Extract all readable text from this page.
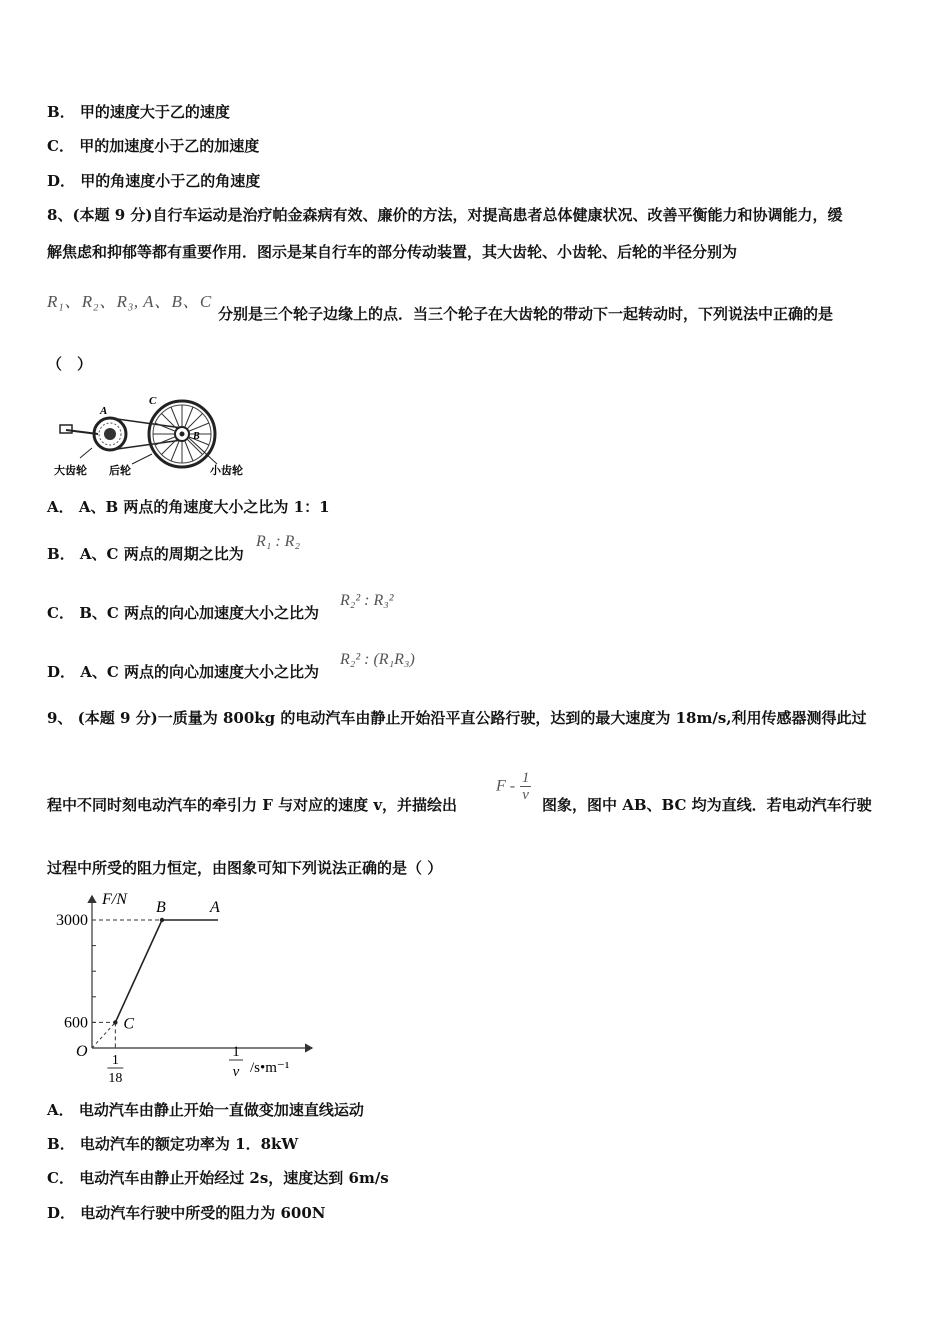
B． 甲的速度大于乙的速度
C． 甲的加速度小于乙的加速度
D． 甲的角速度小于乙的角速度
8、(本题 9 分)自行车运动是治疗帕金森病有效、廉价的方法，对提高患者总体健康状况、改善平衡能力和协调能力，缓
解焦虑和抑郁等都有重要作用．图示是某自行车的部分传动装置，其大齿轮、小齿轮、后轮的半径分别为
R₁、R₂、R₃, A、B、C
分别是三个轮子边缘上的点．当三个轮子在大齿轮的带动下一起转动时，下列说法中正确的是
（　）
A
C
B
大齿轮 后轮	小齿轮
A． A、B 两点的角速度大小之比为 1：1
B． A、C 两点的周期之比为
R₁ : R₂
C． B、C 两点的向心加速度大小之比为
R₂² : R₃²
D． A、C 两点的向心加速度大小之比为
R₂² : (R₁R₃)
9、 (本题 9 分)一质量为 800kg 的电动汽车由静止开始沿平直公路行驶，达到的最大速度为 18m/s,利用传感器测得此过
程中不同时刻电动汽车的牵引力 F 与对应的速度 v，并描绘出
F - $\frac{1}{v}$
图象，图中 AB、BC 均为直线．若电动汽车行驶
过程中所受的阻力恒定，由图象可知下列说法正确的是（ ）
C
B	A
3000
600
1
18
F/N
O	1
v /s•m⁻¹
A． 电动汽车由静止开始一直做变加速直线运动
B． 电动汽车的额定功率为 1．8kW
C． 电动汽车由静止开始经过 2s，速度达到 6m/s
D． 电动汽车行驶中所受的阻力为 600N
